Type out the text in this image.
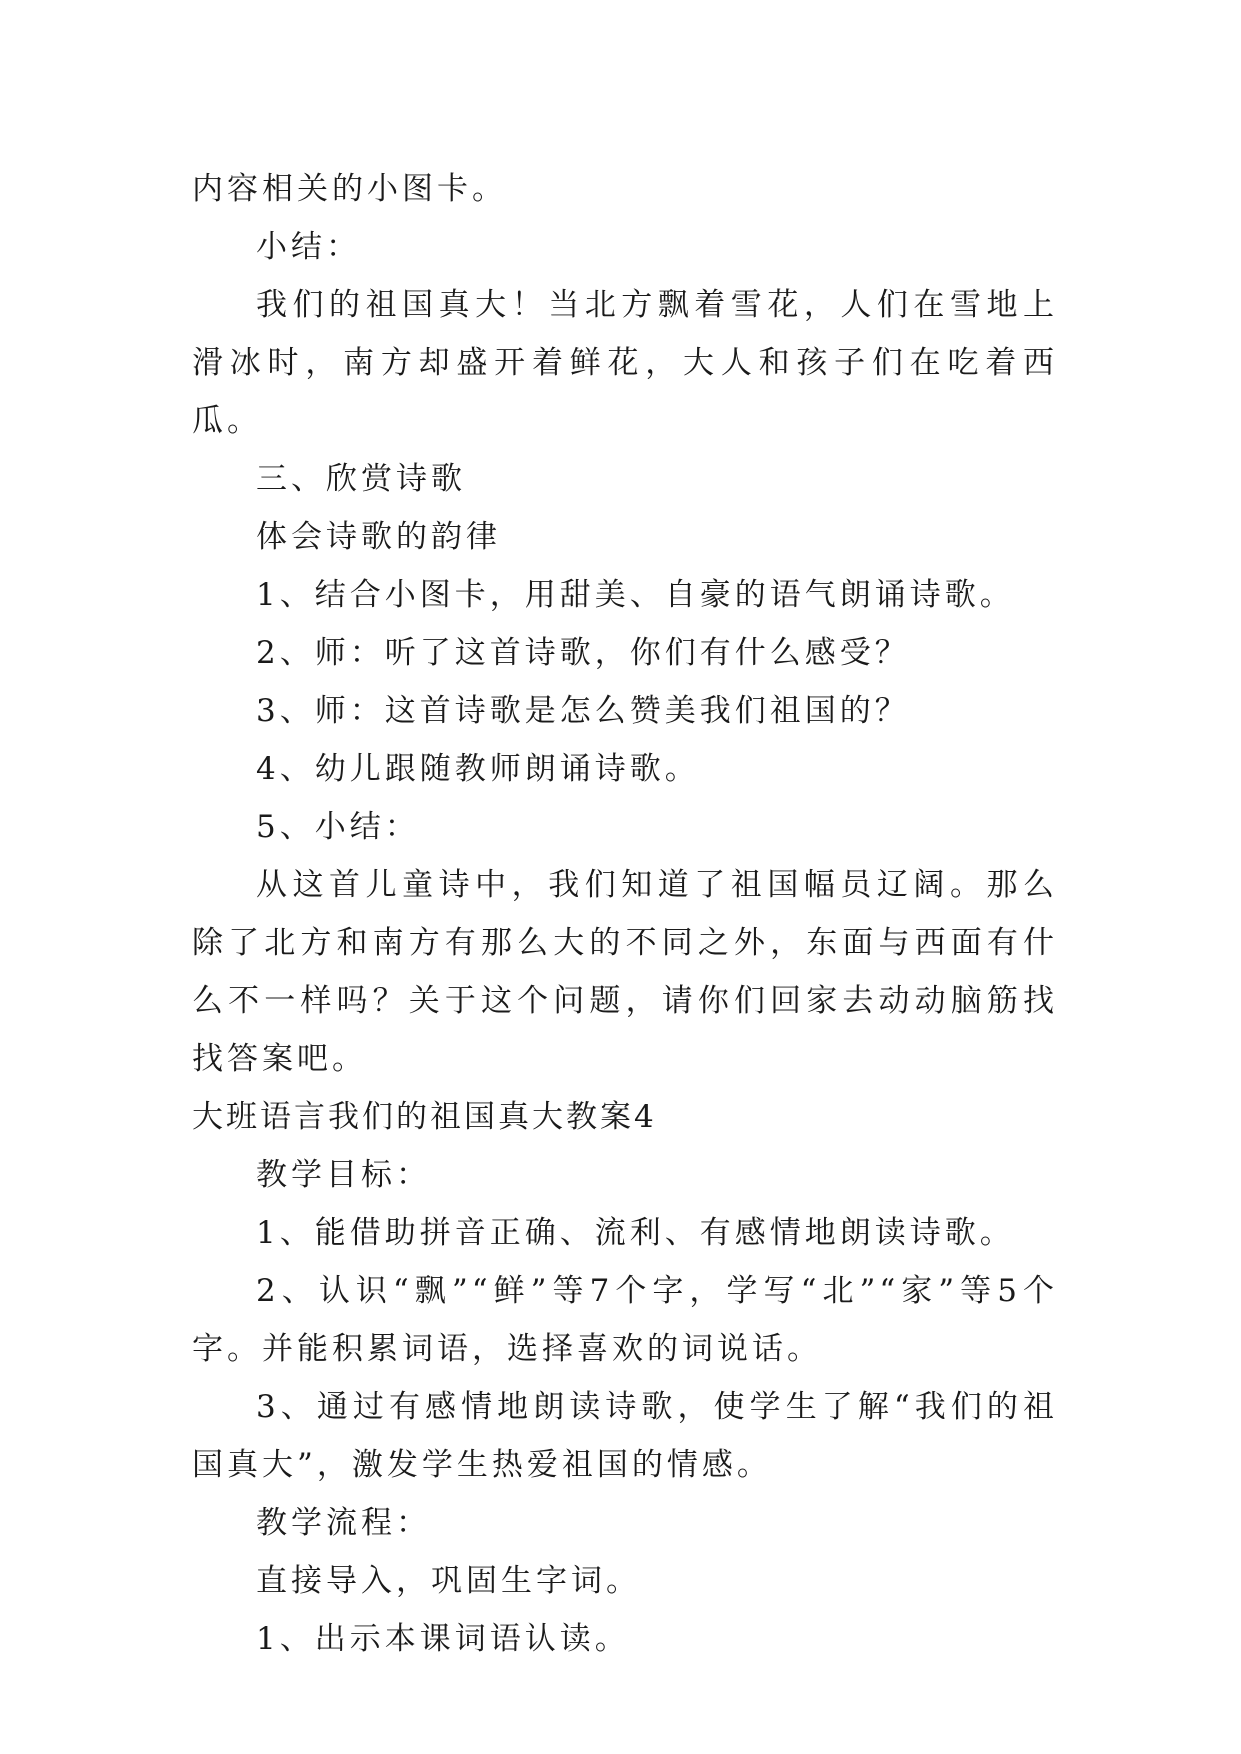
内容相关的小图卡。

小结：

我们的祖国真大！当北方飘着雪花，人们在雪地上滑冰时，南方却盛开着鲜花，大人和孩子们在吃着西瓜。

三、欣赏诗歌

体会诗歌的韵律

1、结合小图卡，用甜美、自豪的语气朗诵诗歌。

2、师：听了这首诗歌，你们有什么感受？

3、师：这首诗歌是怎么赞美我们祖国的？

4、幼儿跟随教师朗诵诗歌。

5、小结：

从这首儿童诗中，我们知道了祖国幅员辽阔。那么除了北方和南方有那么大的不同之外，东面与西面有什么不一样吗？关于这个问题，请你们回家去动动脑筋找找答案吧。

大班语言我们的祖国真大教案4

教学目标：

1、能借助拼音正确、流利、有感情地朗读诗歌。

2、认识“飘”“鲜”等7个字，学写“北”“家”等5个字。并能积累词语，选择喜欢的词说话。

3、通过有感情地朗读诗歌，使学生了解“我们的祖国真大”，激发学生热爱祖国的情感。

教学流程：

直接导入，巩固生字词。

1、出示本课词语认读。
